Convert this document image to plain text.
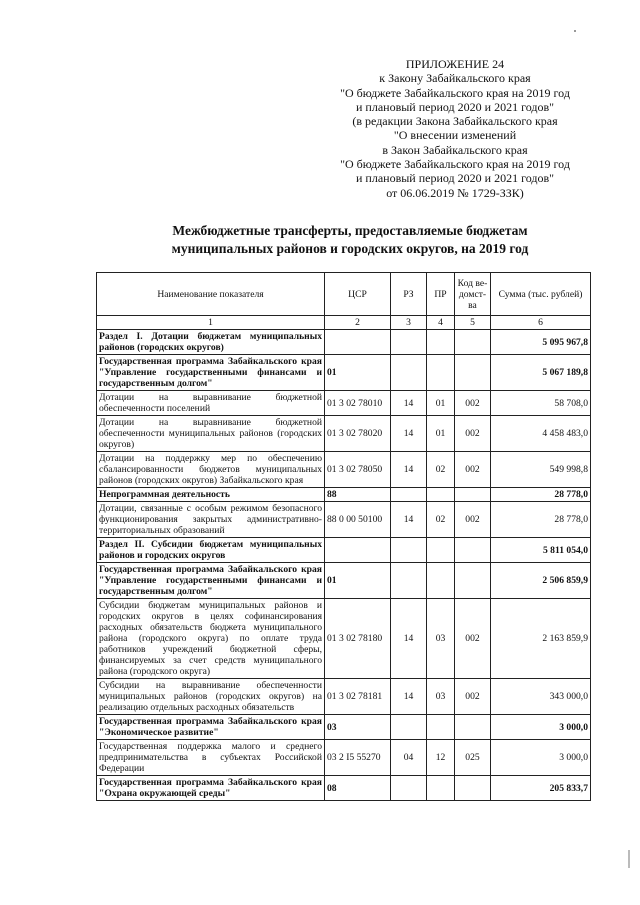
ПРИЛОЖЕНИЕ 24
к Закону Забайкальского края
"О бюджете Забайкальского края на 2019 год
и плановый период 2020 и 2021 годов"
(в редакции Закона Забайкальского края
"О внесении изменений
в Закон Забайкальского края
"О бюджете Забайкальского края на 2019 год
и плановый период 2020 и 2021 годов"
от 06.06.2019 № 1729-ЗЗК)
Межбюджетные трансферты, предоставляемые бюджетам
муниципальных районов и городских округов, на 2019 год
Наименование показателя	ЦСР	РЗ	ПР	Код ве-домст-ва	Сумма (тыс. рублей)
1	2	3	4	5	6
Раздел I. Дотации бюджетам муниципальных районов (городских округов)					5 095 967,8
Государственная программа Забайкальского края "Управление государственными финансами и государственным долгом"	01				5 067 189,8
Дотации на выравнивание бюджетной обеспеченности поселений	01 3 02 78010	14	01	002	58 708,0
Дотации на выравнивание бюджетной обеспеченности муниципальных районов (городских округов)	01 3 02 78020	14	01	002	4 458 483,0
Дотации на поддержку мер по обеспечению сбалансированности бюджетов муниципальных районов (городских округов) Забайкальского края	01 3 02 78050	14	02	002	549 998,8
Непрограммная деятельность	88				28 778,0
Дотации, связанные с особым режимом безопасного функционирования закрытых административно-территориальных образований	88 0 00 50100	14	02	002	28 778,0
Раздел II. Субсидии бюджетам муниципальных районов и городских округов					5 811 054,0
Государственная программа Забайкальского края "Управление государственными финансами и государственным долгом"	01				2 506 859,9
Субсидии бюджетам муниципальных районов и городских округов в целях софинансирования расходных обязательств бюджета муниципального района (городского округа) по оплате труда работников учреждений бюджетной сферы, финансируемых за счет средств муниципального района (городского округа)	01 3 02 78180	14	03	002	2 163 859,9
Субсидии на выравнивание обеспеченности муниципальных районов (городских округов) на реализацию отдельных расходных обязательств	01 3 02 78181	14	03	002	343 000,0
Государственная программа Забайкальского края "Экономическое развитие"	03				3 000,0
Государственная поддержка малого и среднего предпринимательства в субъектах Российской Федерации	03 2 I5 55270	04	12	025	3 000,0
Государственная программа Забайкальского края "Охрана окружающей среды"	08				205 833,7
